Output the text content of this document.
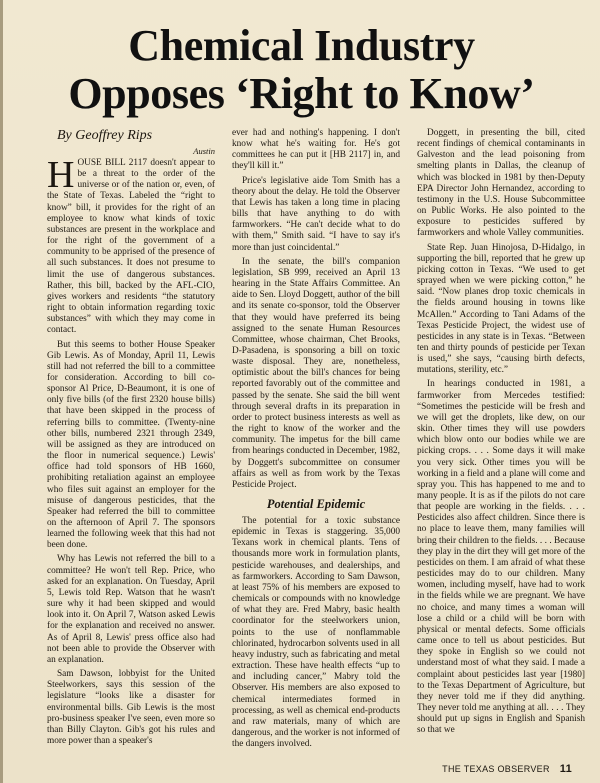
Chemical Industry
Opposes ‘Right to Know’
By Geoffrey Rips
Austin

HOUSE BILL 2117 doesn't appear to be a threat to the order of the universe or of the nation or, even, of the State of Texas. Labeled the “right to know” bill, it provides for the right of an employee to know what kinds of toxic substances are present in the workplace and for the right of the government of a community to be apprised of the presence of all such substances. It does not presume to limit the use of dangerous substances. Rather, this bill, backed by the AFL-CIO, gives workers and residents “the statutory right to obtain information regarding toxic substances” with which they may come in contact.

But this seems to bother House Speaker Gib Lewis. As of Monday, April 11, Lewis still had not referred the bill to a committee for consideration. According to bill co-sponsor Al Price, D-Beaumont, it is one of only five bills (of the first 2320 house bills) that have been skipped in the process of referring bills to committee. (Twenty-nine other bills, numbered 2321 through 2349, will be assigned as they are introduced on the floor in numerical sequence.) Lewis' office had told sponsors of HB 1660, prohibiting retaliation against an employee who files suit against an employer for the misuse of dangerous pesticides, that the Speaker had referred the bill to committee on the afternoon of April 7. The sponsors learned the following week that this had not been done.

Why has Lewis not referred the bill to a committee? He won't tell Rep. Price, who asked for an explanation. On Tuesday, April 5, Lewis told Rep. Watson that he wasn't sure why it had been skipped and would look into it. On April 7, Watson asked Lewis for the explanation and received no answer. As of April 8, Lewis' press office also had not been able to provide the Observer with an explanation.

Sam Dawson, lobbyist for the United Steelworkers, says this session of the legislature “looks like a disaster for environmental bills. Gib Lewis is the most pro-business speaker I've seen, even more so than Billy Clayton. Gib's got his rules and more power than a speaker's

ever had and nothing's happening. I don't know what he's waiting for. He's got committees he can put it [HB 2117] in, and they'll kill it.”

Price's legislative aide Tom Smith has a theory about the delay. He told the Observer that Lewis has taken a long time in placing bills that have anything to do with farmworkers. “He can't decide what to do with them,” Smith said. “I have to say it's more than just coincidental.”

In the senate, the bill's companion legislation, SB 999, received an April 13 hearing in the State Affairs Committee. An aide to Sen. Lloyd Doggett, author of the bill and its senate co-sponsor, told the Observer that they would have preferred its being assigned to the senate Human Resources Committee, whose chairman, Chet Brooks, D-Pasadena, is sponsoring a bill on toxic waste disposal. They are, nonetheless, optimistic about the bill's chances for being reported favorably out of the committee and passed by the senate. She said the bill went through several drafts in its preparation in order to protect business interests as well as the right to know of the worker and the community. The impetus for the bill came from hearings conducted in December, 1982, by Doggett's subcommittee on consumer affairs as well as from work by the Texas Pesticide Project.

Potential Epidemic

The potential for a toxic substance epidemic in Texas is staggering. 35,000 Texans work in chemical plants. Tens of thousands more work in formulation plants, pesticide warehouses, and dealerships, and as farmworkers. According to Sam Dawson, at least 75% of his members are exposed to chemicals or compounds with no knowledge of what they are. Fred Mabry, basic health coordinator for the steelworkers union, points to the use of nonflammable chlorinated, hydrocarbon solvents used in all heavy industry, such as fabricating and metal extraction. These have health effects “up to and including cancer,” Mabry told the Observer. His members are also exposed to chemical intermediates formed in processing, as well as chemical end-products and raw materials, many of which are dangerous, and the worker is not informed of the dangers involved.

Doggett, in presenting the bill, cited recent findings of chemical contaminants in Galveston and the lead poisoning from smelting plants in Dallas, the cleanup of which was blocked in 1981 by then-Deputy EPA Director John Hernandez, according to testimony in the U.S. House Subcommittee on Public Works. He also pointed to the exposure to pesticides suffered by farmworkers and whole Valley communities.

State Rep. Juan Hinojosa, D-Hidalgo, in supporting the bill, reported that he grew up picking cotton in Texas. “We used to get sprayed when we were picking cotton,” he said. “Now planes drop toxic chemicals in the fields around housing in towns like McAllen.” According to Tani Adams of the Texas Pesticide Project, the widest use of pesticides in any state is in Texas. “Between ten and thirty pounds of pesticide per Texan is used,” she says, “causing birth defects, mutations, sterility, etc.”

In hearings conducted in 1981, a farmworker from Mercedes testified: “Sometimes the pesticide will be fresh and we will get the droplets, like dew, on our skin. Other times they will use powders which blow onto our bodies while we are picking crops. . . . Some days it will make you very sick. Other times you will be working in a field and a plane will come and spray you. This has happened to me and to many people. It is as if the pilots do not care that people are working in the fields. . . . Pesticides also affect children. Since there is no place to leave them, many families will bring their children to the fields. . . . Because they play in the dirt they will get more of the pesticides on them. I am afraid of what these pesticides may do to our children. Many women, including myself, have had to work in the fields while we are pregnant. We have no choice, and many times a woman will lose a child or a child will be born with physical or mental defects. Some officials came once to tell us about pesticides. But they spoke in English so we could not understand most of what they said. I made a complaint about pesticides last year [1980] to the Texas Department of Agriculture, but they never told me if they did anything. They never told me anything at all. . . . They should put up signs in English and Spanish so that we

THE TEXAS OBSERVER 11
